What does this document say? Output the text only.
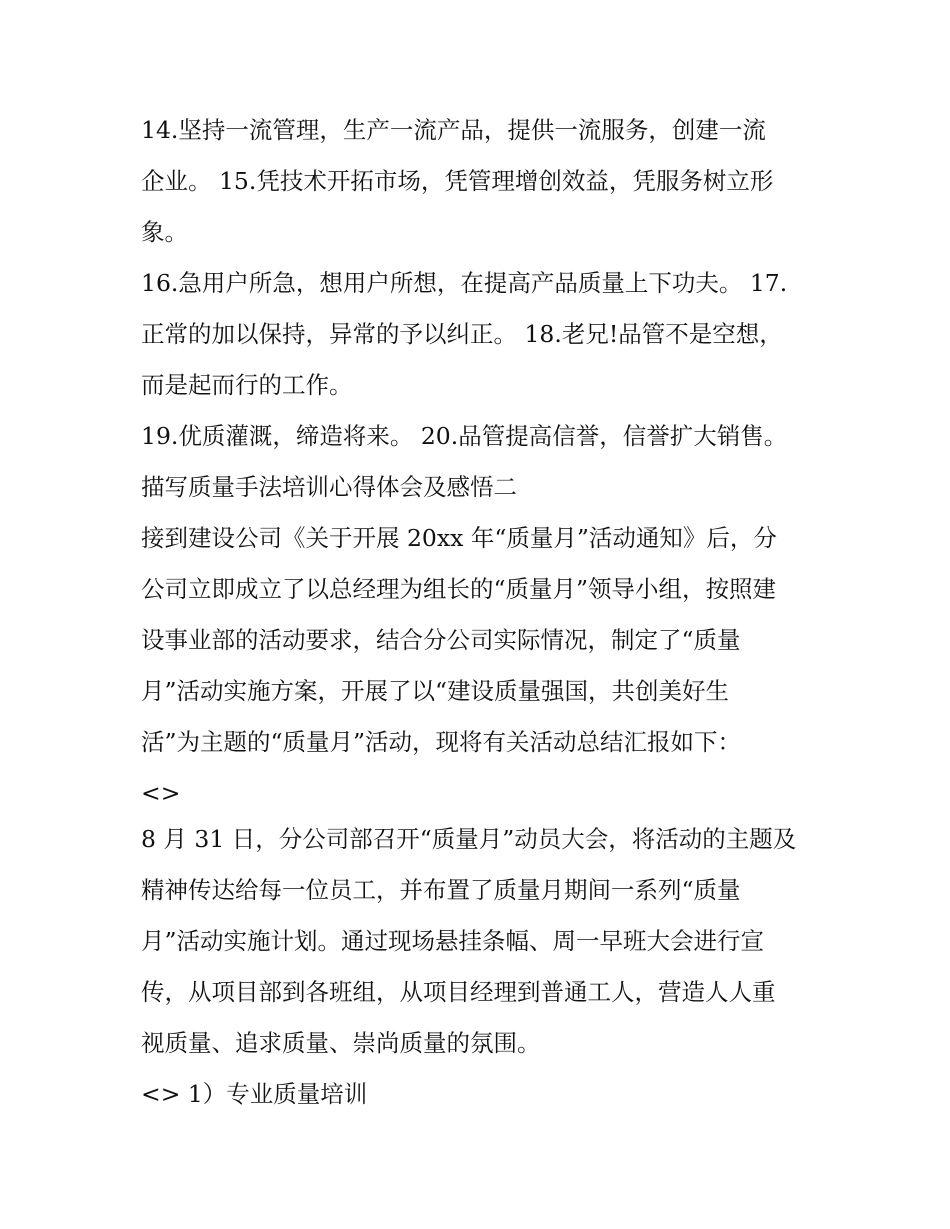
14.坚持一流管理，生产一流产品，提供一流服务，创建一流
企业。 15.凭技术开拓市场，凭管理增创效益，凭服务树立形
象。
16.急用户所急，想用户所想，在提高产品质量上下功夫。 17.
正常的加以保持，异常的予以纠正。 18.老兄!品管不是空想，
而是起而行的工作。
19.优质灌溉，缔造将来。 20.品管提高信誉，信誉扩大销售。
描写质量手法培训心得体会及感悟二
接到建设公司《关于开展 20xx 年“质量月”活动通知》后，分
公司立即成立了以总经理为组长的“质量月”领导小组，按照建
设事业部的活动要求，结合分公司实际情况，制定了“质量
月”活动实施方案，开展了以“建设质量强国，共创美好生
活”为主题的“质量月”活动，现将有关活动总结汇报如下：
<>
8 月 31 日，分公司部召开“质量月”动员大会，将活动的主题及
精神传达给每一位员工，并布置了质量月期间一系列“质量
月”活动实施计划。通过现场悬挂条幅、周一早班大会进行宣
传，从项目部到各班组，从项目经理到普通工人，营造人人重
视质量、追求质量、崇尚质量的氛围。
<> 1）专业质量培训
